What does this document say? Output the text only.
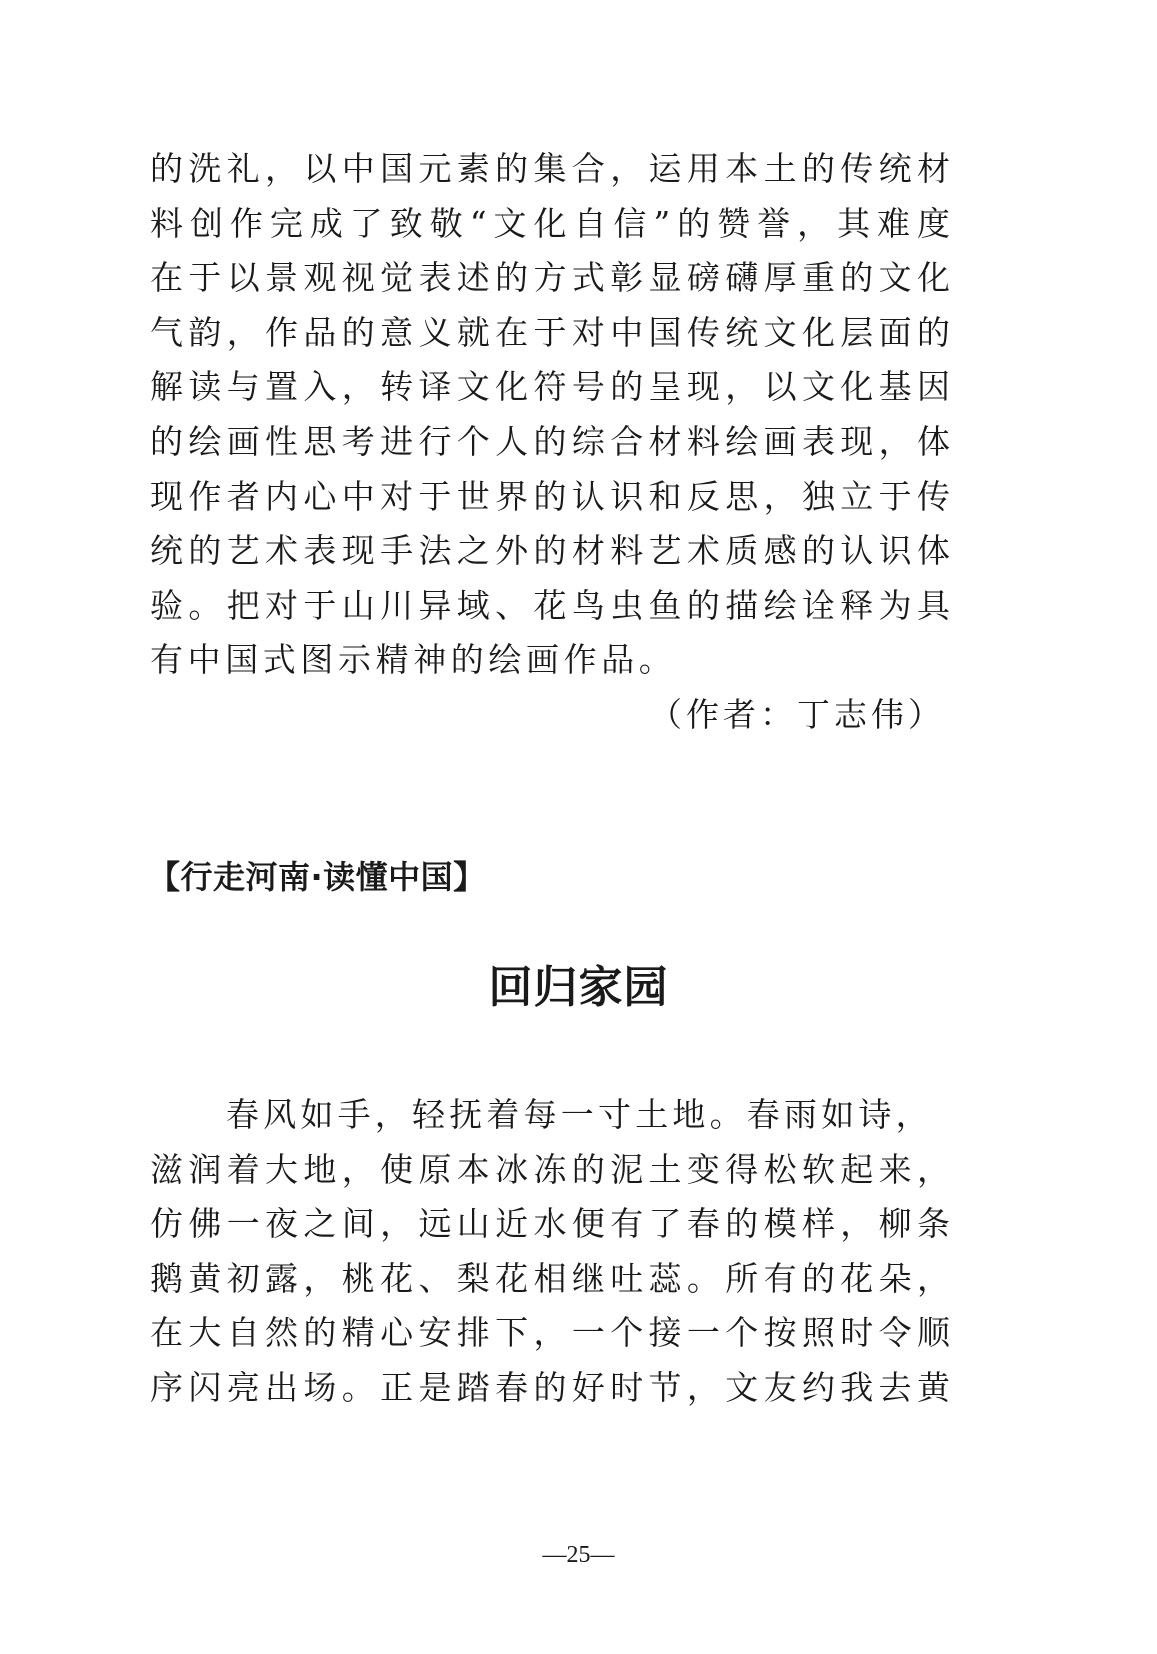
的洗礼，以中国元素的集合，运用本土的传统材
料创作完成了致敬“文化自信”的赞誉，其难度
在于以景观视觉表述的方式彰显磅礴厚重的文化
气韵，作品的意义就在于对中国传统文化层面的
解读与置入，转译文化符号的呈现，以文化基因
的绘画性思考进行个人的综合材料绘画表现，体
现作者内心中对于世界的认识和反思，独立于传
统的艺术表现手法之外的材料艺术质感的认识体
验。把对于山川异域、花鸟虫鱼的描绘诠释为具
有中国式图示精神的绘画作品。
（作者：丁志伟）
【行走河南·读懂中国】
回归家园
春风如手，轻抚着每一寸土地。春雨如诗，
滋润着大地，使原本冰冻的泥土变得松软起来，
仿佛一夜之间，远山近水便有了春的模样，柳条
鹅黄初露，桃花、梨花相继吐蕊。所有的花朵，
在大自然的精心安排下，一个接一个按照时令顺
序闪亮出场。正是踏春的好时节，文友约我去黄
—25—
